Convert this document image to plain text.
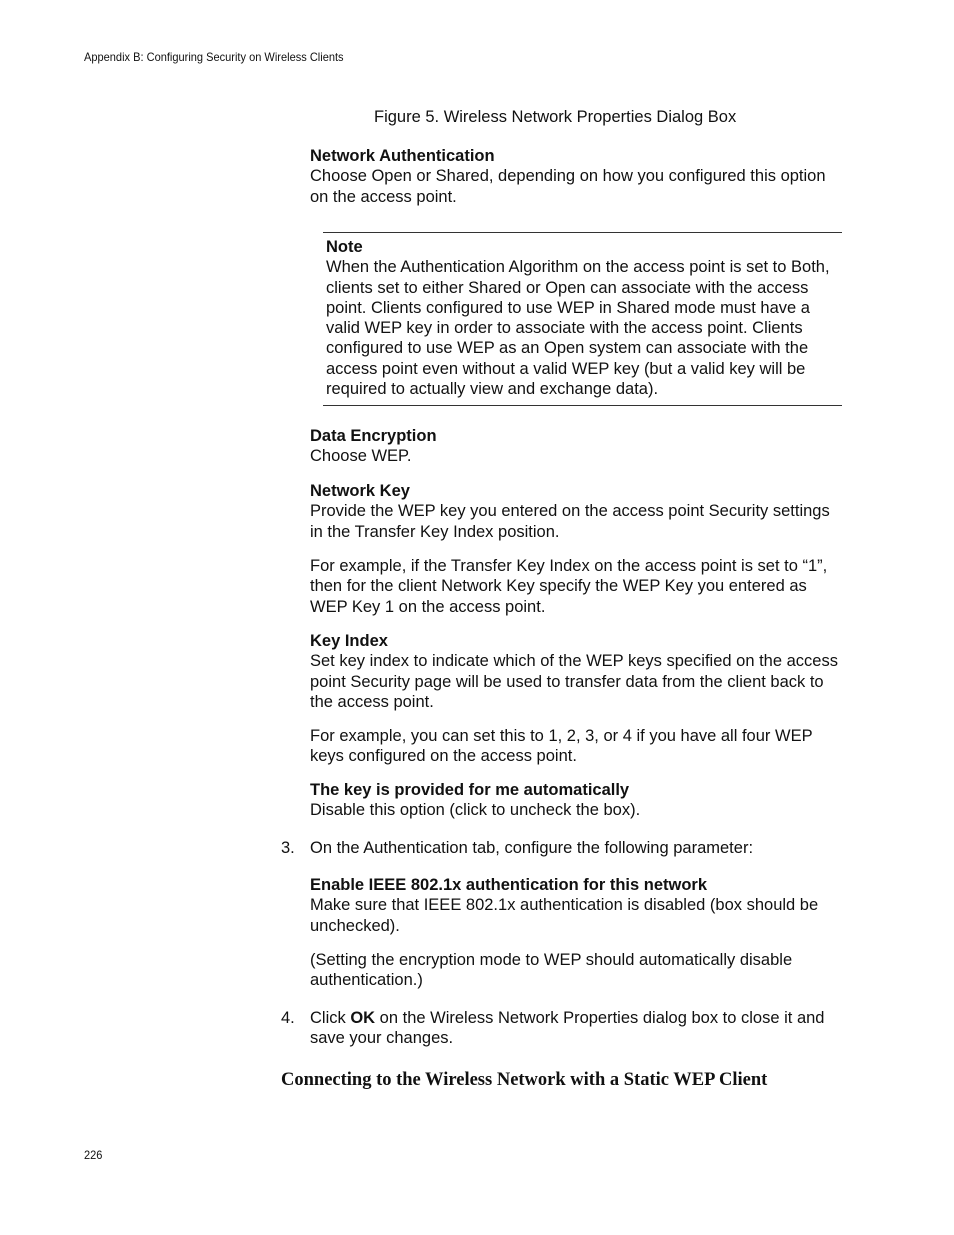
Appendix B: Configuring Security on Wireless Clients
Figure 5. Wireless Network Properties Dialog Box
Network Authentication
Choose Open or Shared, depending on how you configured this option on the access point.
Note
When the Authentication Algorithm on the access point is set to Both, clients set to either Shared or Open can associate with the access point. Clients configured to use WEP in Shared mode must have a valid WEP key in order to associate with the access point. Clients configured to use WEP as an Open system can associate with the access point even without a valid WEP key (but a valid key will be required to actually view and exchange data).
Data Encryption
Choose WEP.
Network Key
Provide the WEP key you entered on the access point Security settings in the Transfer Key Index position.
For example, if the Transfer Key Index on the access point is set to “1”, then for the client Network Key specify the WEP Key you entered as WEP Key 1 on the access point.
Key Index
Set key index to indicate which of the WEP keys specified on the access point Security page will be used to transfer data from the client back to the access point.
For example, you can set this to 1, 2, 3, or 4 if you have all four WEP keys configured on the access point.
The key is provided for me automatically
Disable this option (click to uncheck the box).
3. On the Authentication tab, configure the following parameter:
Enable IEEE 802.1x authentication for this network
Make sure that IEEE 802.1x authentication is disabled (box should be unchecked).
(Setting the encryption mode to WEP should automatically disable authentication.)
4. Click OK on the Wireless Network Properties dialog box to close it and save your changes.
Connecting to the Wireless Network with a Static WEP Client
226
